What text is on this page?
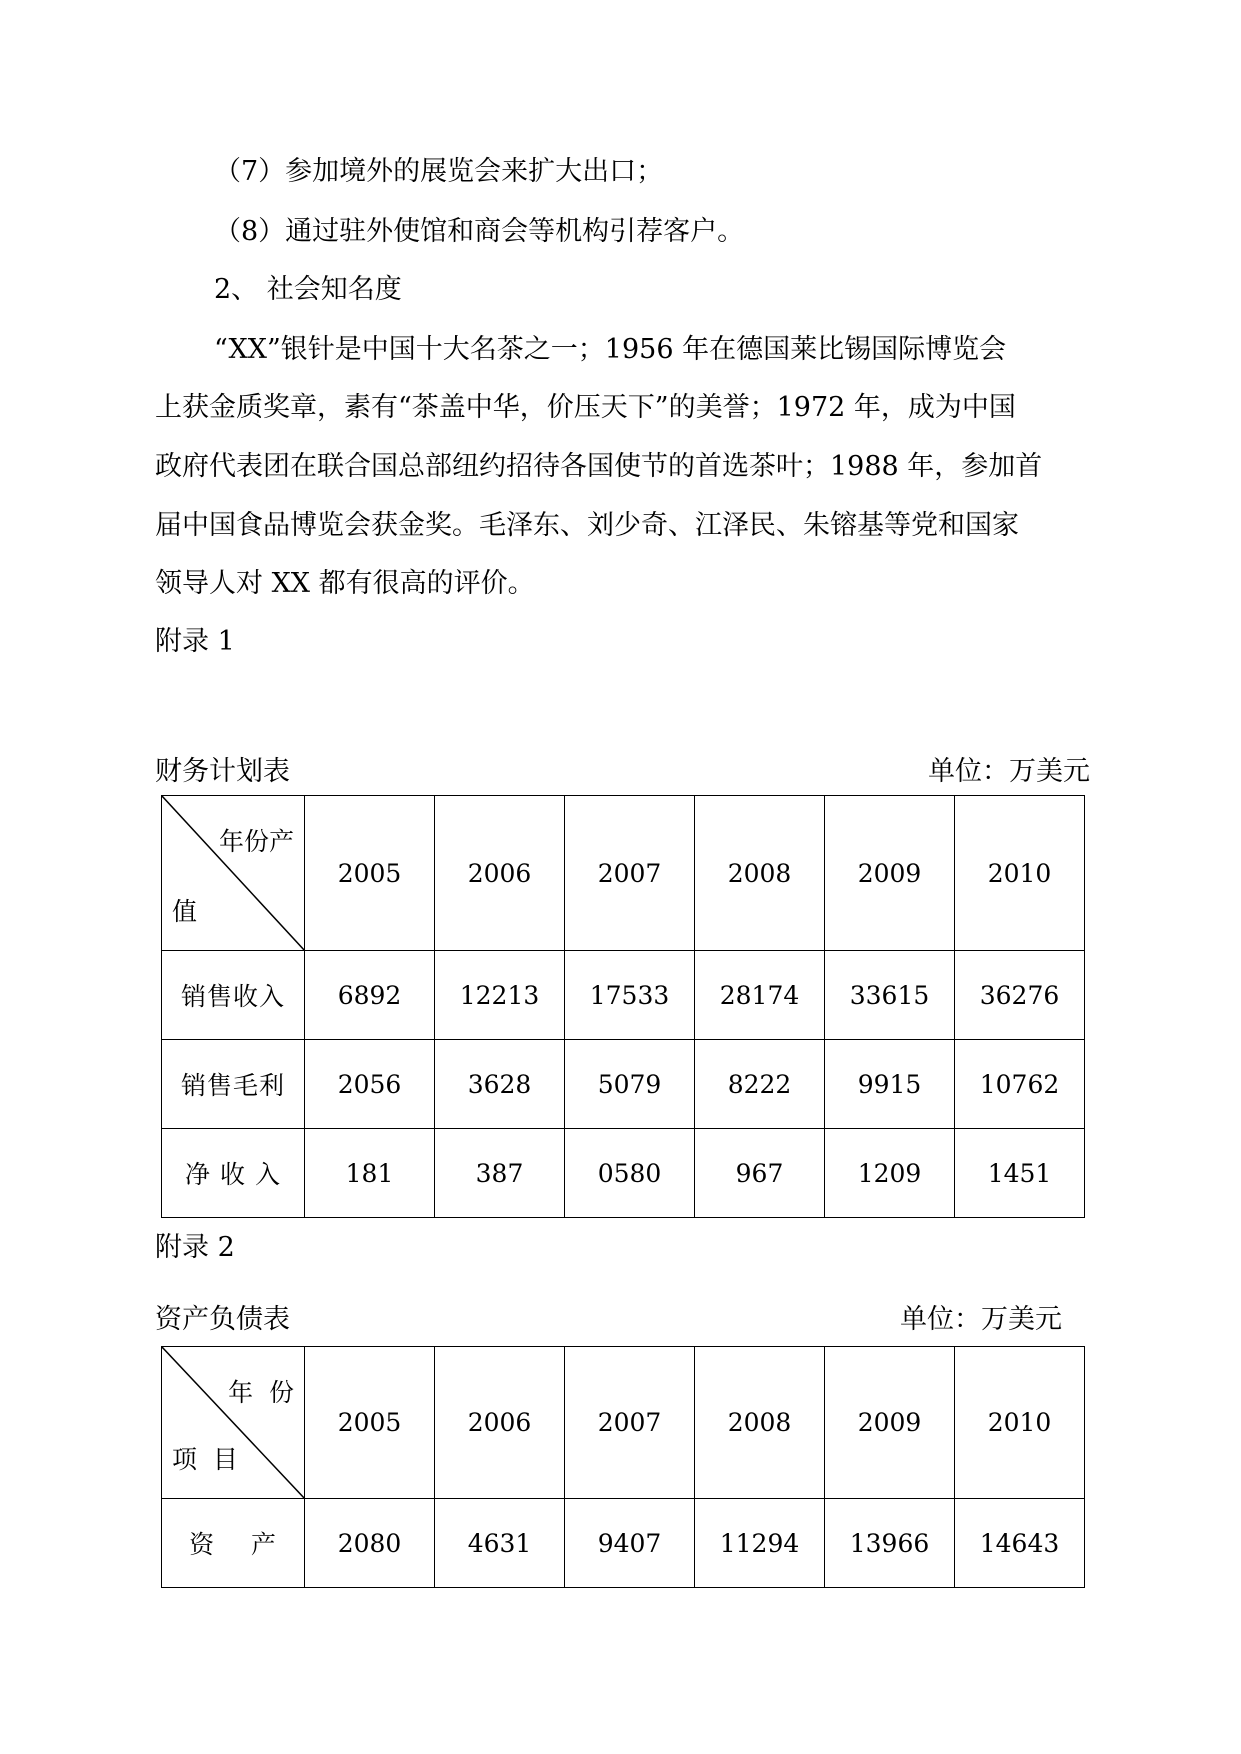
（7）参加境外的展览会来扩大出口；
（8）通过驻外使馆和商会等机构引荐客户。
2、 社会知名度
“XX”银针是中国十大名茶之一；1956 年在德国莱比锡国际博览会
上获金质奖章，素有“茶盖中华，价压天下”的美誉；1972 年，成为中国
政府代表团在联合国总部纽约招待各国使节的首选茶叶；1988 年，参加首
届中国食品博览会获金奖。毛泽东、刘少奇、江泽民、朱镕基等党和国家
领导人对 XX 都有很高的评价。
附录 1
财务计划表	单位：万美元
年份产
值	2005	2006	2007	2008	2009	2010
销售收入	6892	12213	17533	28174	33615	36276
销售毛利	2056	3628	5079	8222	9915	10762
净 收 入	181	387	0580	967	1209	1451
附录 2
资产负债表	单位：万美元
年  份
项  目	2005	2006	2007	2008	2009	2010
资    产	2080	4631	9407	11294	13966	14643
